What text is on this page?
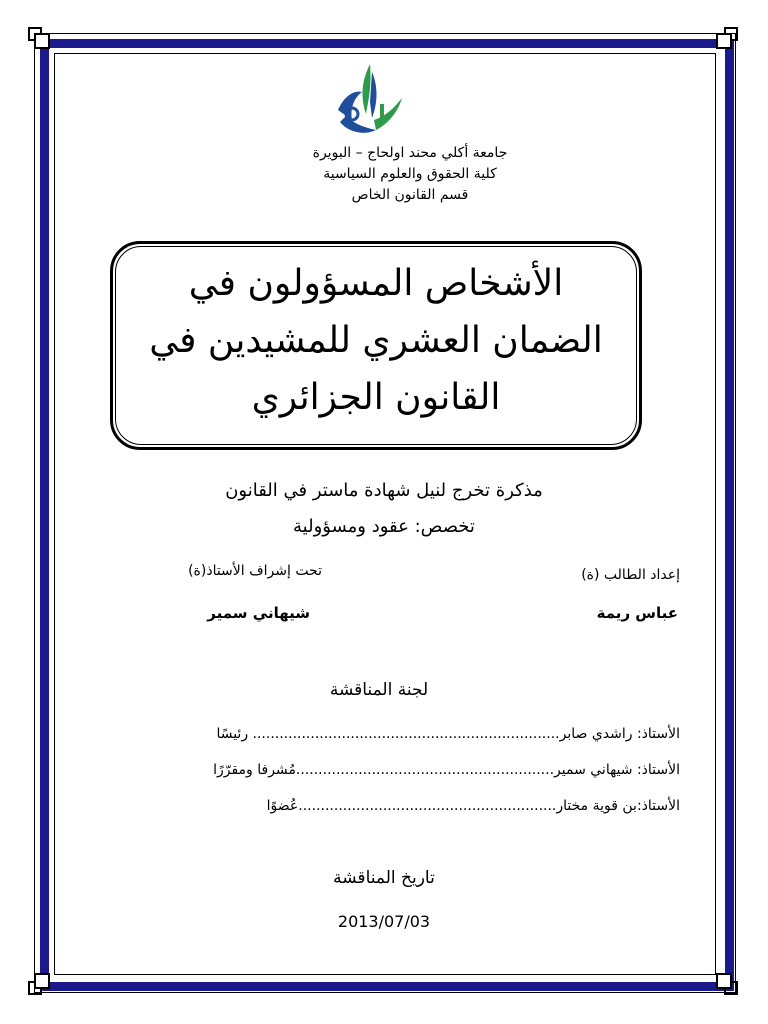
جامعة أكلي محند اولحاج – البويرة
كلية الحقوق والعلوم السياسية
قسم القانون الخاص
الأشخاص المسؤولون في
الضمان العشري للمشيدين في
القانون الجزائري
مذكرة تخرج لنيل شهادة ماستر في القانون
تخصص: عقود ومسؤولية
إعداد الطالب (ة)
تحت إشراف الأستاذ(ة)
عباس ريمة
شيهاني سمير
لجنة المناقشة
الأستاذ: راشدي صابر..................................................................... رئيسًا
الأستاذ: شيهاني سمير..........................................................مُشرفا ومقرّرًا
الأستاذ:بن قوية مختار..........................................................عُضوًا
تاريخ المناقشة
2013/07/03
